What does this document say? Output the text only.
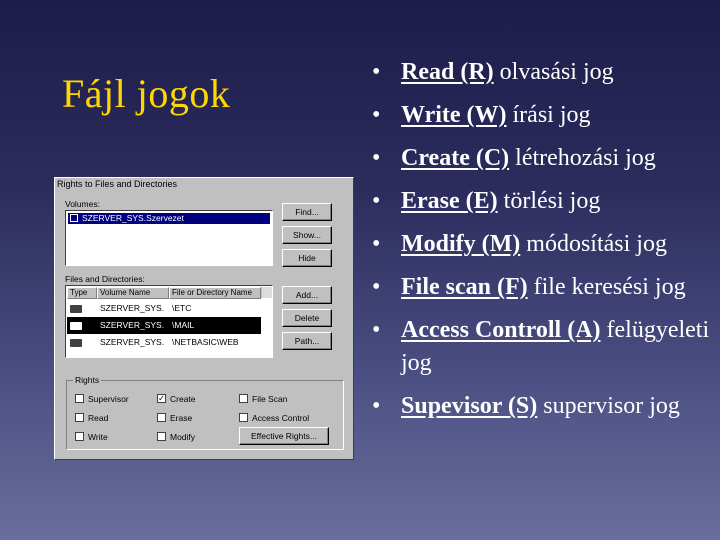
Fájl jogok	• Read (R) olvasási jog
• Write (W) írási jog
• Create (C) létrehozási jog
• Erase (E) törlési jog
• Modify (M) módosítási jog
• File scan (F) file keresési jog
• Access Controll (A) felügyeleti jog
• Supevisor (S) supervisor jog
Rights to Files and Directories
Volumes:
SZERVER_SYS.Szervezet
Find...
Show...
Hide
Files and Directories:
Type	Volume Name	File or Directory Name
SZERVER_SYS. \ETC
SZERVER_SYS. \MAIL
SZERVER_SYS. \NETBASIC\WEB
Add...
Delete
Path...
Rights
Supervisor
Read
Write
✓ Create
Erase
Modify
File Scan
Access Control
Effective Rights...
